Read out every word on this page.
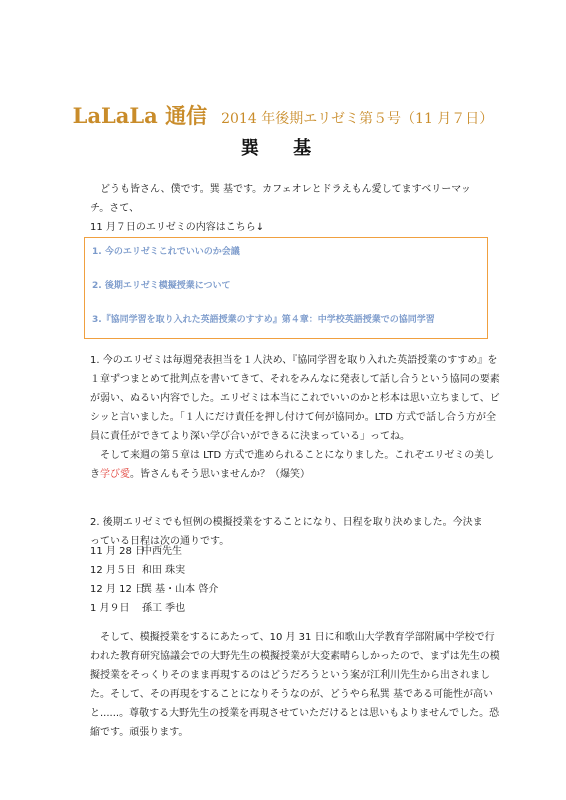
LaLaLa 通信 2014 年後期エリゼミ第５号（11 月７日）
巽 基
どうも皆さん、僕です。巽 基です。カフェオレとドラえもん愛してますベリーマッチ。さて、
11 月７日のエリゼミの内容はこちら↓
1. 今のエリゼミこれでいいのか会議
2. 後期エリゼミ模擬授業について
3.『協同学習を取り入れた英語授業のすすめ』第４章：中学校英語授業での協同学習
1. 今のエリゼミは毎週発表担当を１人決め、『協同学習を取り入れた英語授業のすすめ』を１章ずつまとめて批判点を書いてきて、それをみんなに発表して話し合うという協同の要素が弱い、ぬるい内容でした。エリゼミは本当にこれでいいのかと杉本は思い立ちまして、ビシッと言いました。「１人にだけ責任を押し付けて何が協同か。LTD 方式で話し合う方が全員に責任ができてより深い学び合いができるに決まっている」ってね。
そして来週の第５章は LTD 方式で進められることになりました。これぞエリゼミの美しき学び愛。皆さんもそう思いませんか？（爆笑）
2. 後期エリゼミでも恒例の模擬授業をすることになり、日程を取り決めました。今決まっている日程は次の通りです。
11 月 28 日中西先生
12 月５日 和田 珠実
12 月 12 日巽 基・山本 啓介
1 月９日 孫工 季也
そして、模擬授業をするにあたって、10 月 31 日に和歌山大学教育学部附属中学校で行われた教育研究協議会での大野先生の模擬授業が大変素晴らしかったので、まずは先生の模擬授業をそっくりそのまま再現するのはどうだろうという案が江利川先生から出されました。そして、その再現をすることになりそうなのが、どうやら私巽 基である可能性が高いと......。尊敬する大野先生の授業を再現させていただけるとは思いもよりませんでした。恐縮です。頑張ります。
